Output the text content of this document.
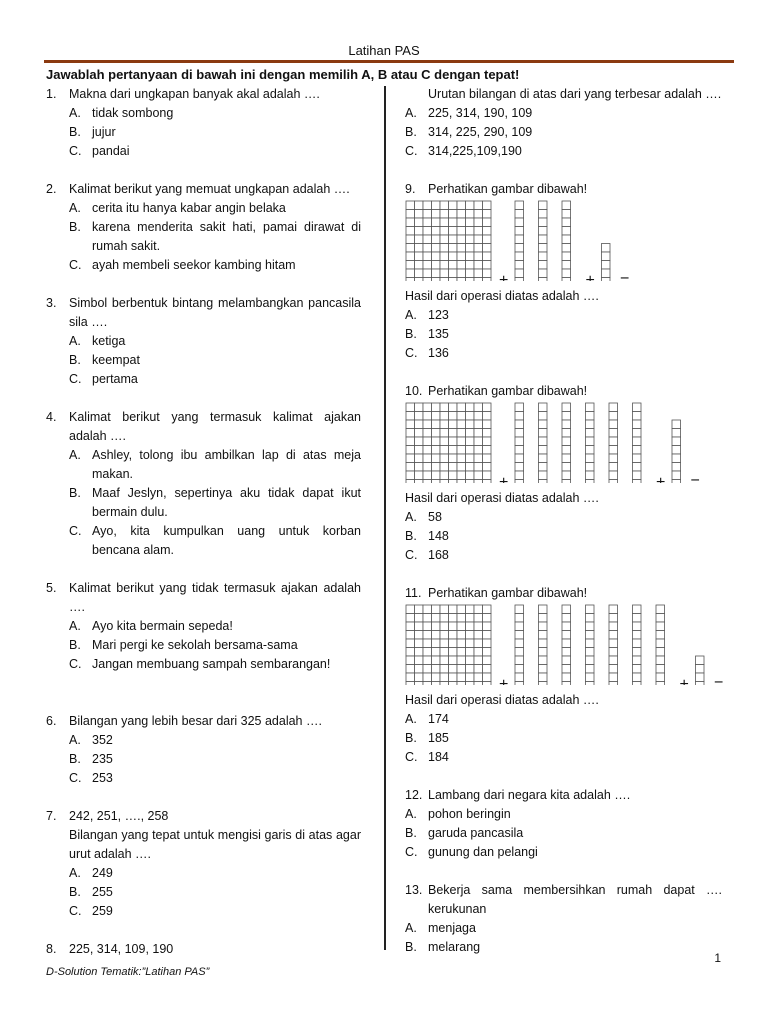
Latihan PAS
Jawablah pertanyaan di bawah ini dengan memilih A, B atau C dengan tepat!
1. Makna dari ungkapan banyak akal adalah ….
A. tidak sombong
B. jujur
C. pandai
2. Kalimat berikut yang memuat ungkapan adalah ….
A. cerita itu hanya kabar angin belaka
B. karena menderita sakit hati, pamai dirawat di rumah sakit.
C. ayah membeli seekor kambing hitam
3. Simbol berbentuk bintang melambangkan pancasila sila ….
A. ketiga
B. keempat
C. pertama
4. Kalimat berikut yang termasuk kalimat ajakan adalah ….
A. Ashley, tolong ibu ambilkan lap di atas meja makan.
B. Maaf Jeslyn, sepertinya aku tidak dapat ikut bermain dulu.
C. Ayo, kita kumpulkan uang untuk korban bencana alam.
5. Kalimat berikut yang tidak termasuk ajakan adalah ….
A. Ayo kita bermain sepeda!
B. Mari pergi ke sekolah bersama-sama
C. Jangan membuang sampah sembarangan!
6. Bilangan yang lebih besar dari 325 adalah ….
A. 352
B. 235
C. 253
7. 242, 251, …., 258
Bilangan yang tepat untuk mengisi garis di atas agar urut adalah ….
A. 249
B. 255
C. 259
8. 225, 314, 109, 190
Urutan bilangan di atas dari yang terbesar adalah ….
A. 225, 314, 190, 109
B. 314, 225, 290, 109
C. 314,225,109,190
9. Perhatikan gambar dibawah!
+	+ =
Hasil dari operasi diatas adalah ….
A. 123
B. 135
C. 136
10. Perhatikan gambar dibawah!
+	+ =
Hasil dari operasi diatas adalah ….
A. 58
B. 148
C. 168
11. Perhatikan gambar dibawah!
+	+ =
Hasil dari operasi diatas adalah ….
A. 174
B. 185
C. 184
12. Lambang dari negara kita adalah ….
A. pohon beringin
B. garuda pancasila
C. gunung dan pelangi
13. Bekerja sama membersihkan rumah dapat …. kerukunan
A. menjaga
B. melarang
D-Solution Tematik:”Latihan PAS”
1
